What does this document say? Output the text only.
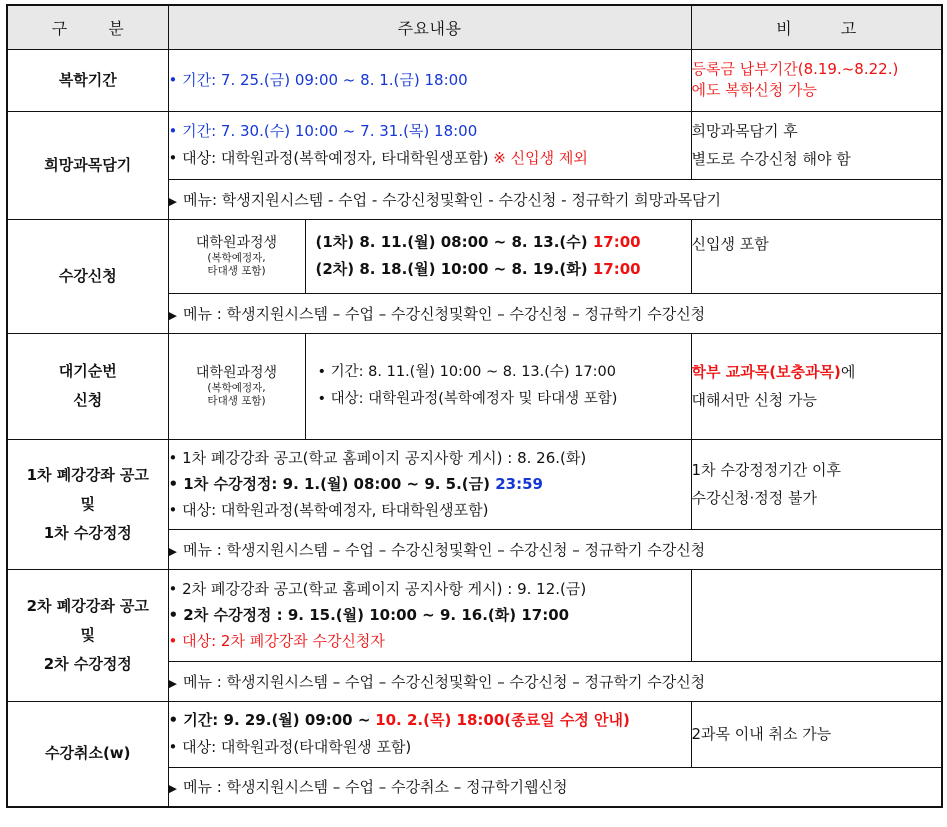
구 분	주요내용		비 고
복학기간	• 기간: 7. 25.(금) 09:00 ~ 8. 1.(금) 18:00		등록금 납부기간(8.19.~8.22.)
에도 복학신청 가능

희망과목담기	• 기간: 7. 30.(수) 10:00 ~ 7. 31.(목) 18:00
• 대상: 대학원과정(복학예정자, 타대학원생포함) ※ 신입생 제외		희망과목담기 후
별도로 수강신청 해야 함

	▶ 메뉴: 학생지원시스템 - 수업 - 수강신청및확인 - 수강신청 - 정규학기 희망과목담기		
수강신청	대학원과정생
(복학예정자,
타대생 포함)	(1차) 8. 11.(월) 08:00 ~ 8. 13.(수) 17:00
(2차) 8. 18.(월) 10:00 ~ 8. 19.(화) 17:00	신입생 포함
	▶ 메뉴 : 학생지원시스템 – 수업 – 수강신청및확인 – 수강신청 – 정규학기 수강신청		

대기순번
신청	대학원과정생
(복학예정자,
타대생 포함)	• 기간: 8. 11.(월) 10:00 ~ 8. 13.(수) 17:00
• 대상: 대학원과정(복학예정자 및 타대생 포함)	학부 교과목(보충과목)에
대해서만 신청 가능

1차 폐강강좌 공고
및
1차 수강정정	• 1차 폐강강좌 공고(학교 홈페이지 공지사항 게시) : 8. 26.(화)
• 1차 수강정정: 9. 1.(월) 08:00 ~ 9. 5.(금) 23:59
• 대상: 대학원과정(복학예정자, 타대학원생포함)		1차 수강정정기간 이후
수강신청·정정 불가

	▶ 메뉴 : 학생지원시스템 – 수업 – 수강신청및확인 – 수강신청 – 정규학기 수강신청		

2차 폐강강좌 공고
및
2차 수강정정	• 2차 폐강강좌 공고(학교 홈페이지 공지사항 게시) : 9. 12.(금)
• 2차 수강정정 : 9. 15.(월) 10:00 ~ 9. 16.(화) 17:00
• 대상: 2차 폐강강좌 수강신청자		

	▶ 메뉴 : 학생지원시스템 – 수업 – 수강신청및확인 – 수강신청 – 정규학기 수강신청		
수강취소(w)	• 기간: 9. 29.(월) 09:00 ~ 10. 2.(목) 18:00(종료일 수정 안내)
• 대상: 대학원과정(타대학원생 포함)		2과목 이내 취소 가능
	▶ 메뉴 : 학생지원시스템 – 수업 – 수강취소 – 정규학기웹신청		
